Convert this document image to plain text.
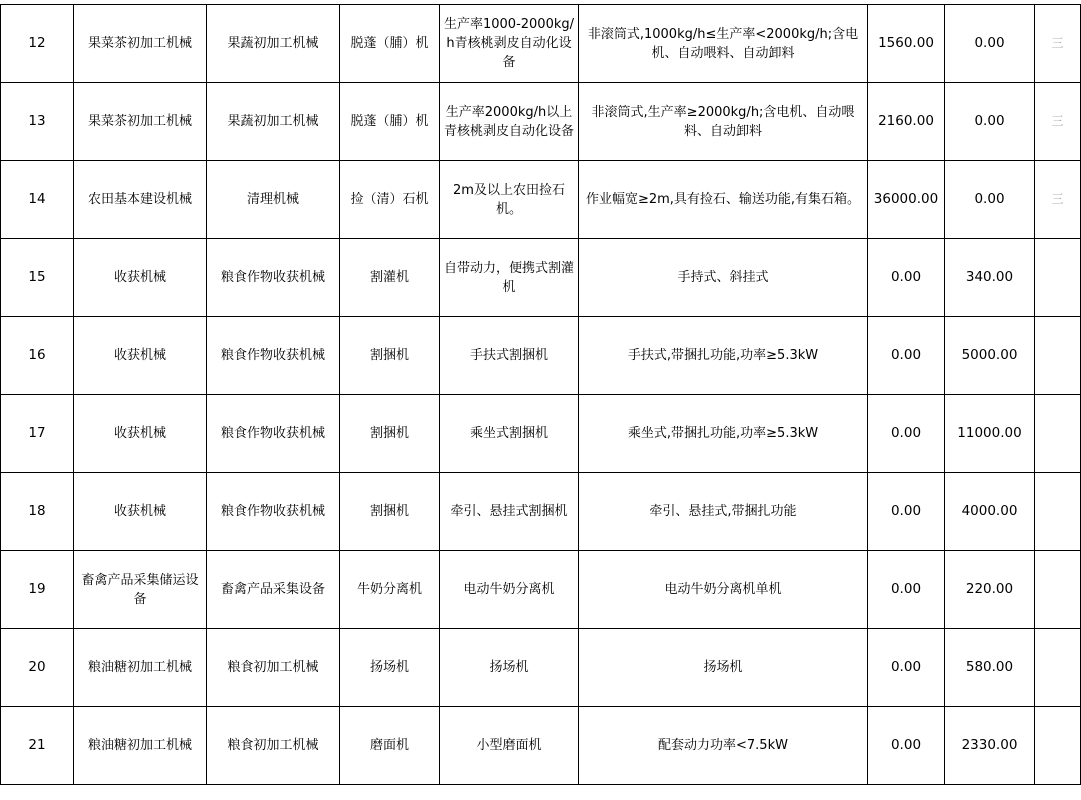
12	果菜茶初加工机械	果蔬初加工机械	脱蓬（脯）机	生产率1000-2000kg/h青核桃剥皮自动化设备	非滚筒式,1000kg/h≤生产率<2000kg/h;含电机、自动喂料、自动卸料	1560.00	0.00	三
13	果菜茶初加工机械	果蔬初加工机械	脱蓬（脯）机	生产率2000kg/h以上青核桃剥皮自动化设备	非滚筒式,生产率≥2000kg/h;含电机、自动喂料、自动卸料	2160.00	0.00	三
14	农田基本建设机械	清理机械	捡（清）石机	2m及以上农田捡石机。	作业幅宽≥2m,具有捡石、输送功能,有集石箱。	36000.00	0.00	三
15	收获机械	粮食作物收获机械	割灌机	自带动力，便携式割灌机	手持式、斜挂式	0.00	340.00	
16	收获机械	粮食作物收获机械	割捆机	手扶式割捆机	手扶式,带捆扎功能,功率≥5.3kW	0.00	5000.00	
17	收获机械	粮食作物收获机械	割捆机	乘坐式割捆机	乘坐式,带捆扎功能,功率≥5.3kW	0.00	11000.00	
18	收获机械	粮食作物收获机械	割捆机	牵引、悬挂式割捆机	牵引、悬挂式,带捆扎功能	0.00	4000.00	
19	畜禽产品采集储运设备	畜禽产品采集设备	牛奶分离机	电动牛奶分离机	电动牛奶分离机单机	0.00	220.00	
20	粮油糖初加工机械	粮食初加工机械	扬场机	扬场机	扬场机	0.00	580.00	
21	粮油糖初加工机械	粮食初加工机械	磨面机	小型磨面机	配套动力功率<7.5kW	0.00	2330.00	
